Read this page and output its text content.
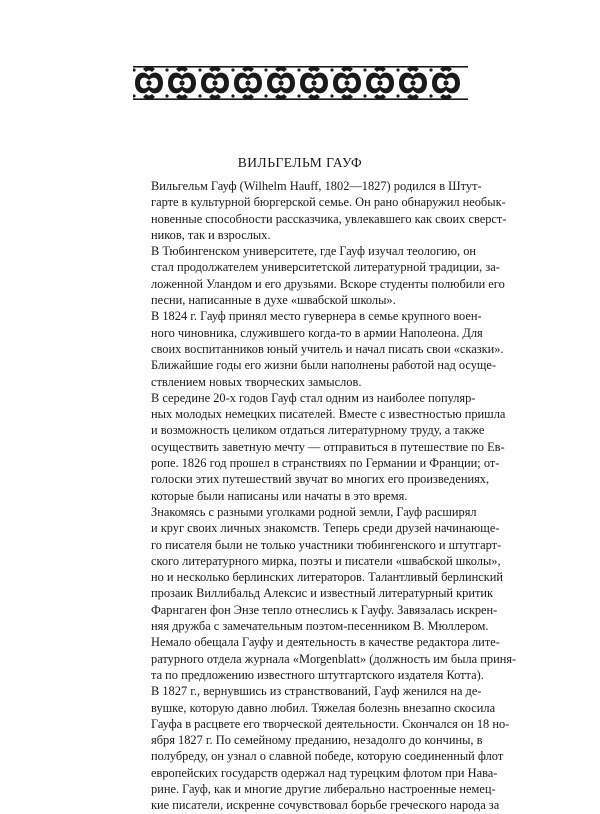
ВИЛЬГЕЛЬМ ГАУФ

Вильгельм Гауф (Wilhelm Hauff, 1802—1827) родился в Штут-
гарте в культурной бюргерской семье. Он рано обнаружил необык-
новенные способности рассказчика, увлекавшего как своих сверст-
ников, так и взрослых.

В Тюбингенском университете, где Гауф изучал теологию, он
стал продолжателем университетской литературной традиции, за-
ложенной Уландом и его друзьями. Вскоре студенты полюбили его
песни, написанные в духе «швабской школы».

В 1824 г. Гауф принял место гувернера в семье крупного воен-
ного чиновника, служившего когда-то в армии Наполеона. Для
своих воспитанников юный учитель и начал писать свои «сказки».
Ближайшие годы его жизни были наполнены работой над осуще-
ствлением новых творческих замыслов.

В середине 20-х годов Гауф стал одним из наиболее популяр-
ных молодых немецких писателей. Вместе с известностью пришла
и возможность целиком отдаться литературному труду, а также
осуществить заветную мечту — отправиться в путешествие по Ев-
ропе. 1826 год прошел в странствиях по Германии и Франции; от-
голоски этих путешествий звучат во многих его произведениях,
которые были написаны или начаты в это время.

Знакомясь с разными уголками родной земли, Гауф расширял
и круг своих личных знакомств. Теперь среди друзей начинающе-
го писателя были не только участники тюбингенского и штутгарт-
ского литературного мирка, поэты и писатели «швабской школы»,
но и несколько берлинских литераторов. Талантливый берлинский
прозаик Виллибальд Алексис и известный литературный критик
Фарнгаген фон Энзе тепло отнеслись к Гауфу. Завязалась искрен-
няя дружба с замечательным поэтом-песенником В. Мюллером.
Немало обещала Гауфу и деятельность в качестве редактора лите-
ратурного отдела журнала «Morgenblatt» (должность им была приня-
та по предложению известного штутгартского издателя Котта).

В 1827 г., вернувшись из странствований, Гауф женился на де-
вушке, которую давно любил. Тяжелая болезнь внезапно скосила
Гауфа в расцвете его творческой деятельности. Скончался он 18 но-
ября 1827 г. По семейному преданию, незадолго до кончины, в
полубреду, он узнал о славной победе, которую соединенный флот
европейских государств одержал над турецким флотом при Нава-
рине. Гауф, как и многие другие либерально настроенные немец-
кие писатели, искренне сочувствовал борьбе греческого народа за
